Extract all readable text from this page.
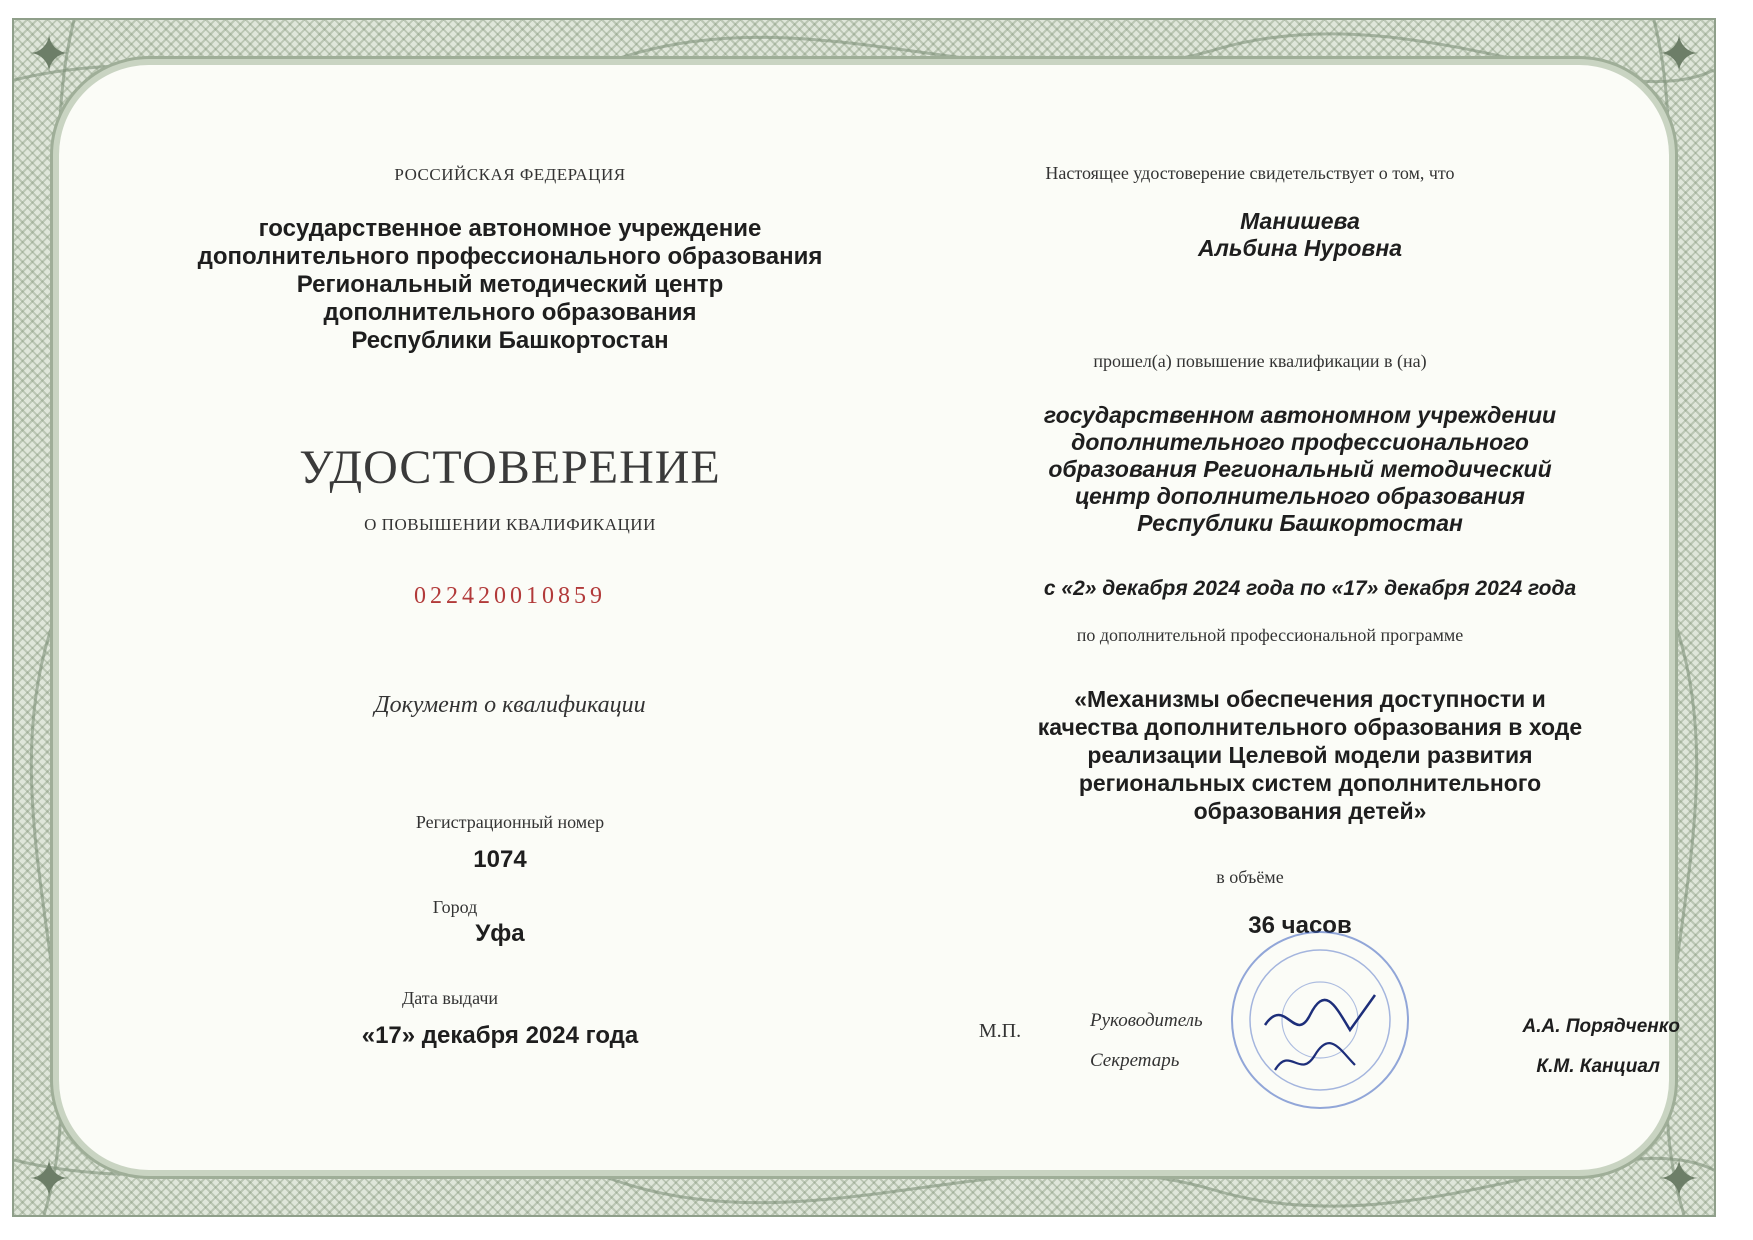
✦	✦
✦	✦
РОССИЙСКАЯ ФЕДЕРАЦИЯ
государственное автономное учреждение
дополнительного профессионального образования
Региональный методический центр
дополнительного образования
Республики Башкортостан
УДОСТОВЕРЕНИЕ
О ПОВЫШЕНИИ КВАЛИФИКАЦИИ
022420010859
Документ о квалификации
Регистрационный номер
1074
Город
Уфа
Дата выдачи
«17» декабря 2024 года
Настоящее удостоверение свидетельствует о том, что
Манишева
Альбина Нуровна
прошел(а) повышение квалификации в (на)
государственном автономном учреждении
дополнительного профессионального
образования Региональный методический
центр дополнительного образования
Республики Башкортостан
с «2» декабря 2024 года по «17» декабря 2024 года
по дополнительной профессиональной программе
«Механизмы обеспечения доступности и
качества дополнительного образования в ходе
реализации Целевой модели развития
региональных систем дополнительного
образования детей»
в объёме
36 часов
М.П.	Руководитель	А.А. Порядченко
Секретарь	К.М. Канциал
